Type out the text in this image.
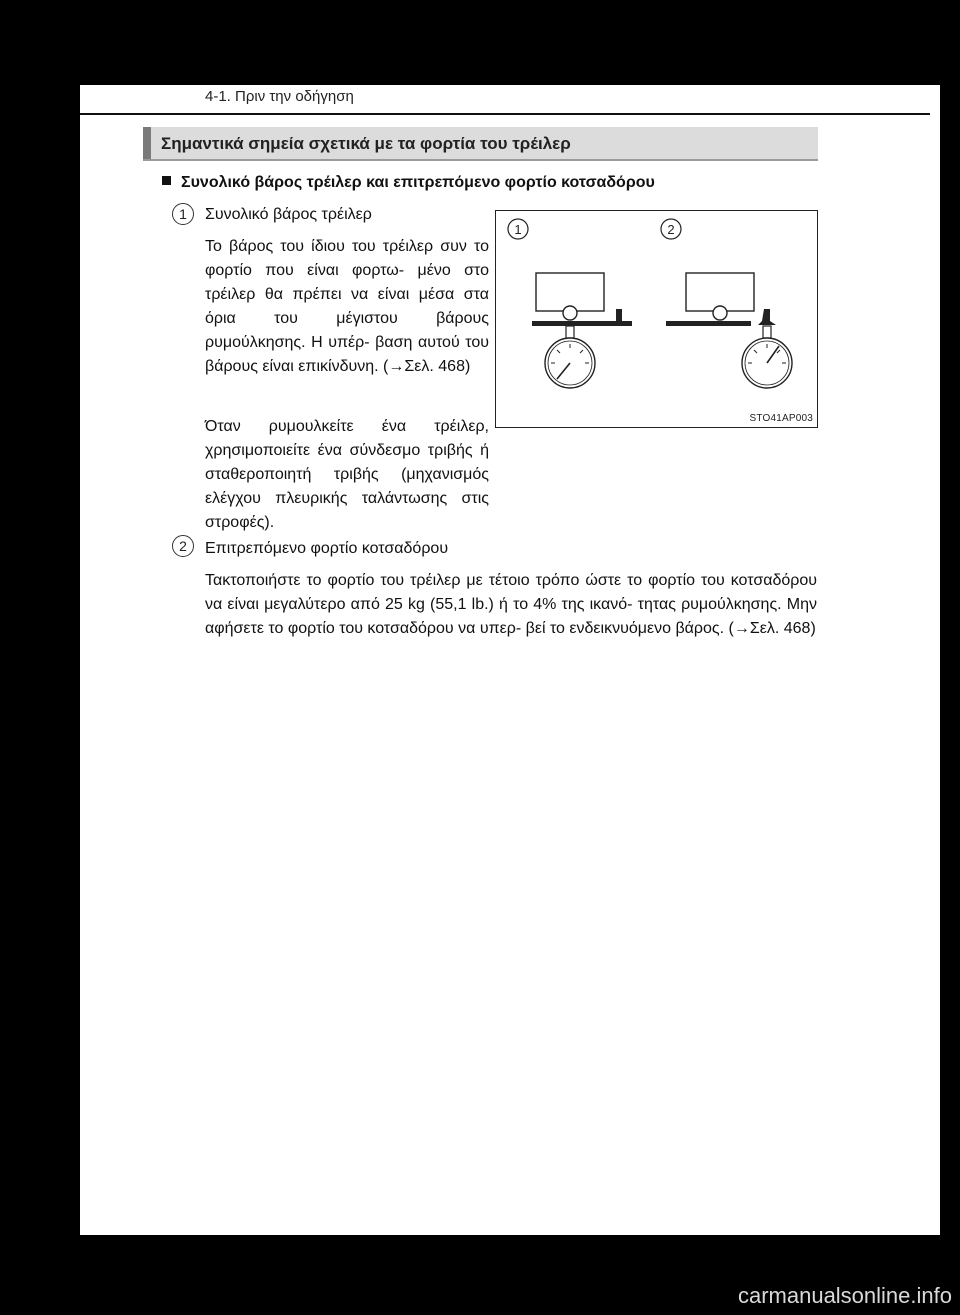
4-1. Πριν την οδήγηση
Σημαντικά σημεία σχετικά με τα φορτία του τρέιλερ
Συνολικό βάρος τρέιλερ και επιτρεπόμενο φορτίο κοτσαδόρου
1	Συνολικό βάρος τρέιλερ

Το βάρος του ίδιου του τρέιλερ συν το φορτίο που είναι φορτω- μένο στο τρέιλερ θα πρέπει να είναι μέσα στα όρια του μέγιστου βάρους ρυμούλκησης. Η υπέρ- βαση αυτού του βάρους είναι επικίνδυνη. (→Σελ. 468)

Όταν ρυμουλκείτε ένα τρέιλερ, χρησιμοποιείτε ένα σύνδεσμο τριβής ή σταθεροποιητή τριβής (μηχανισμός ελέγχου πλευρικής ταλάντωσης στις στροφές).

1	2
STO41AP003
2	Επιτρεπόμενο φορτίο κοτσαδόρου

Τακτοποιήστε το φορτίο του τρέιλερ με τέτοιο τρόπο ώστε το φορτίο του κοτσαδόρου να είναι μεγαλύτερο από 25 kg (55,1 lb.) ή το 4% της ικανό- τητας ρυμούλκησης. Μην αφήσετε το φορτίο του κοτσαδόρου να υπερ- βεί το ενδεικνυόμενο βάρος. (→Σελ. 468)

carmanualsonline.info
